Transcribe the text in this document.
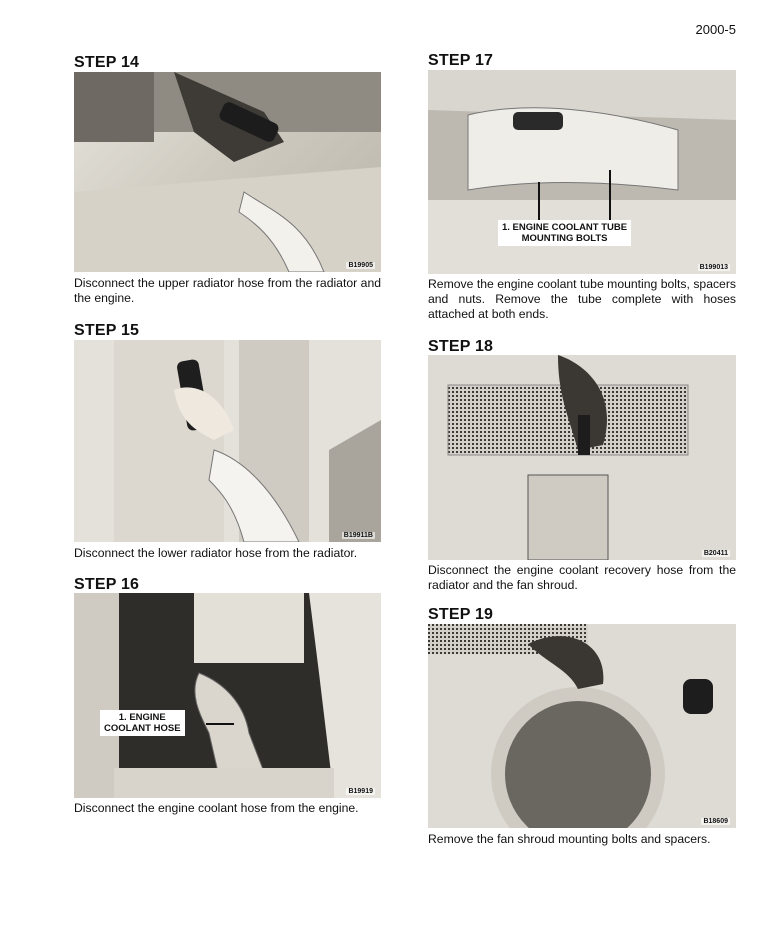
2000-5
STEP 14
B19905
Disconnect the upper radiator hose from the radiator and the engine.
STEP 15
B19911B
Disconnect the lower radiator hose from the radiator.
STEP 16
1. ENGINE
COOLANT HOSE
B19919
Disconnect the engine coolant hose from the engine.
STEP 17
1. ENGINE COOLANT TUBE
MOUNTING BOLTS
B199013
Remove the engine coolant tube mounting bolts, spacers and nuts. Remove the tube complete with hoses attached at both ends.
STEP 18
B20411
Disconnect the engine coolant recovery hose from the radiator and the fan shroud.
STEP 19
B18609
Remove the fan shroud mounting bolts and spacers.
